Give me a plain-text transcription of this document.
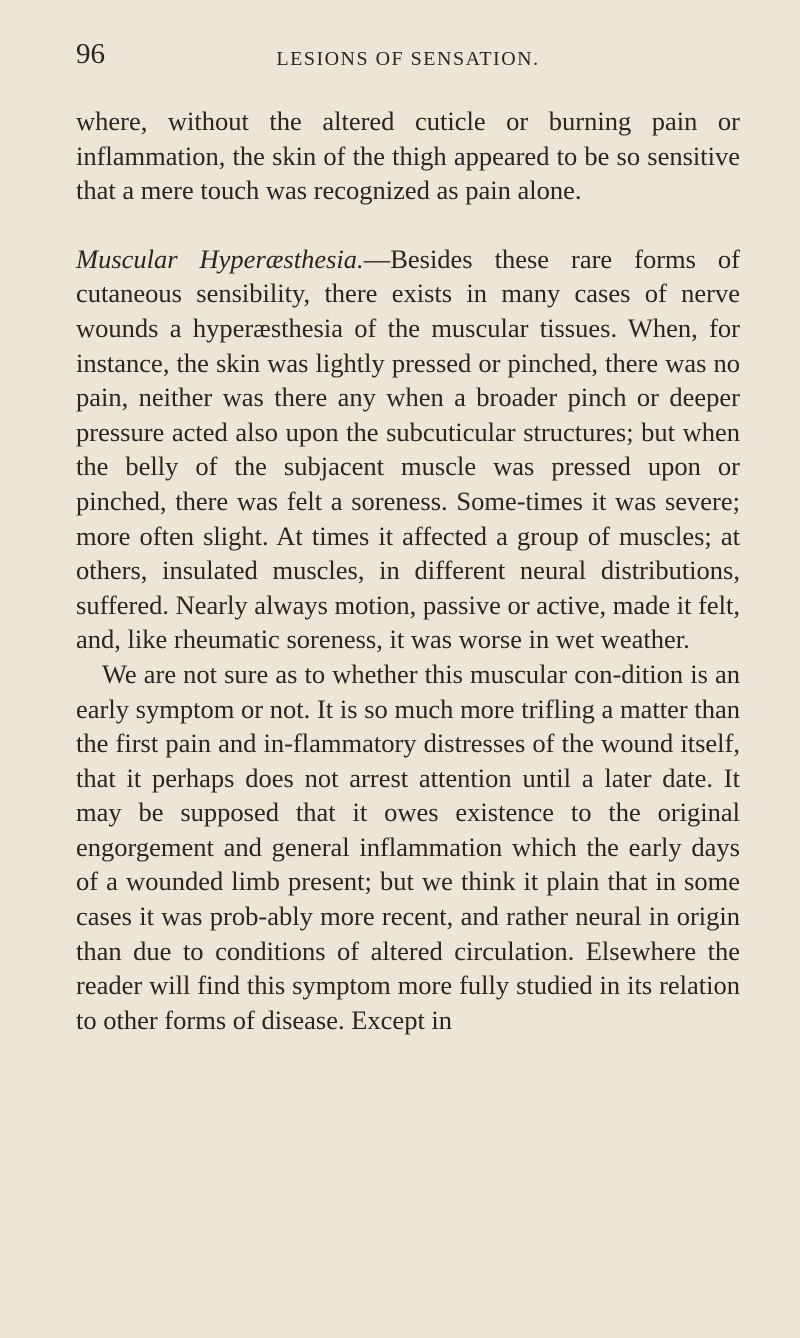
96	LESIONS OF SENSATION.

where, without the altered cuticle or burning pain or inflammation, the skin of the thigh appeared to be so sensitive that a mere touch was recognized as pain alone.

Muscular Hyperæsthesia.—Besides these rare forms of cutaneous sensibility, there exists in many cases of nerve wounds a hyperæsthesia of the muscular tissues. When, for instance, the skin was lightly pressed or pinched, there was no pain, neither was there any when a broader pinch or deeper pressure acted also upon the subcuticular structures; but when the belly of the subjacent muscle was pressed upon or pinched, there was felt a soreness. Some-times it was severe; more often slight. At times it affected a group of muscles; at others, insulated muscles, in different neural distributions, suffered. Nearly always motion, passive or active, made it felt, and, like rheumatic soreness, it was worse in wet weather.

We are not sure as to whether this muscular con-dition is an early symptom or not. It is so much more trifling a matter than the first pain and in-flammatory distresses of the wound itself, that it perhaps does not arrest attention until a later date. It may be supposed that it owes existence to the original engorgement and general inflammation which the early days of a wounded limb present; but we think it plain that in some cases it was prob-ably more recent, and rather neural in origin than due to conditions of altered circulation. Elsewhere the reader will find this symptom more fully studied in its relation to other forms of disease. Except in
